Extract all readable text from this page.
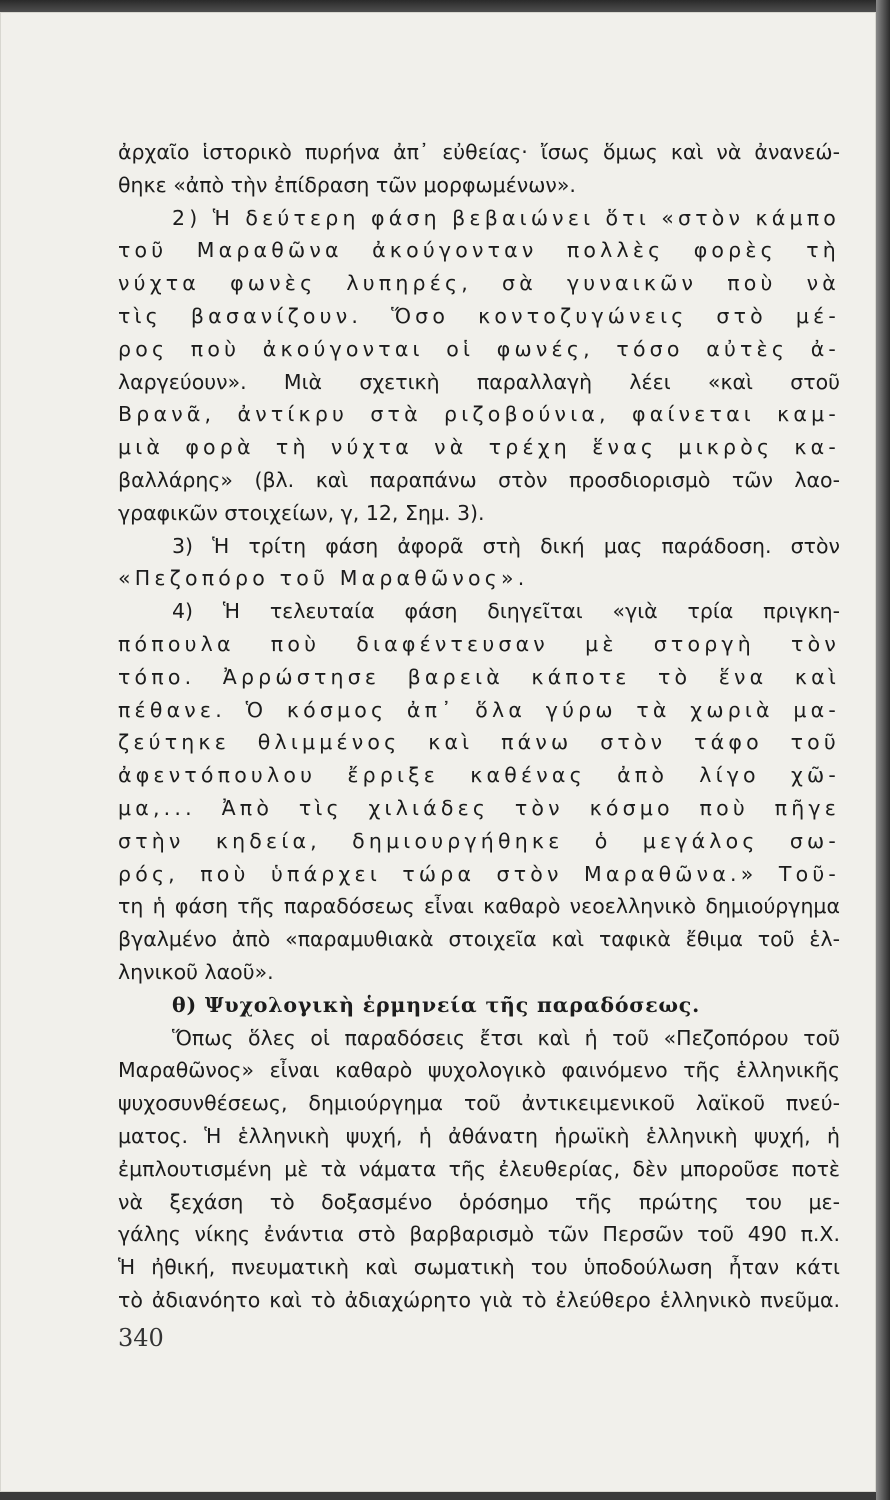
ἀρχαῖο ἱστορικὸ πυρήνα ἀπ᾽ εὐθείας· ἴσως ὅμως καὶ νὰ ἀνανεώ-
θηκε «ἀπὸ τὴν ἐπίδραση τῶν μορφωμένων».
2) Ἡ δεύτερη φάση βεβαιώνει ὅτι «στὸν κάμπο
τοῦ Μαραθῶνα ἀκούγονταν πολλὲς φορὲς τὴ
νύχτα φωνὲς λυπηρές, σὰ γυναικῶν ποὺ νὰ
τὶς βασανίζουν. Ὅσο κοντοζυγώνεις στὸ μέ-
ρος ποὺ ἀκούγονται οἱ φωνές, τόσο αὐτὲς ἀ-
λαργεύουν». Μιὰ σχετικὴ παραλλαγὴ λέει «καὶ στοῦ
Βρανᾶ, ἀντίκρυ στὰ ριζοβούνια, φαίνεται καμ-
μιὰ φορὰ τὴ νύχτα νὰ τρέχη ἕνας μικρὸς κα-
βαλλάρης» (βλ. καὶ παραπάνω στὸν προσδιορισμὸ τῶν λαο-
γραφικῶν στοιχείων, γ, 12, Σημ. 3).
3) Ἡ τρίτη φάση ἀφορᾶ στὴ δική μας παράδοση. στὸν
«Πεζοπόρο τοῦ Μαραθῶνος».
4) Ἡ τελευταία φάση διηγεῖται «γιὰ τρία πριγκη-
πόπουλα ποὺ διαφέντευσαν μὲ στοργὴ τὸν
τόπο. Ἀρρώστησε βαρειὰ κάποτε τὸ ἕνα καὶ
πέθανε. Ὁ κόσμος ἀπ᾽ ὅλα γύρω τὰ χωριὰ μα-
ζεύτηκε θλιμμένος καὶ πάνω στὸν τάφο τοῦ
ἀφεντόπουλου ἔρριξε καθένας ἀπὸ λίγο χῶ-
μα,... Ἀπὸ τὶς χιλιάδες τὸν κόσμο ποὺ πῆγε
στὴν κηδεία, δημιουργήθηκε ὁ μεγάλος σω-
ρός, ποὺ ὑπάρχει τώρα στὸν Μαραθῶνα.» Τοῦ-
τη ἡ φάση τῆς παραδόσεως εἶναι καθαρὸ νεοελληνικὸ δημιούργημα
βγαλμένο ἀπὸ «παραμυθιακὰ στοιχεῖα καὶ ταφικὰ ἔθιμα τοῦ ἑλ-
ληνικοῦ λαοῦ».
θ) Ψυχολογικὴ ἑρμηνεία τῆς παραδόσεως.
Ὅπως ὅλες οἱ παραδόσεις ἔτσι καὶ ἡ τοῦ «Πεζοπόρου τοῦ
Μαραθῶνος» εἶναι καθαρὸ ψυχολογικὸ φαινόμενο τῆς ἑλληνικῆς
ψυχοσυνθέσεως, δημιούργημα τοῦ ἀντικειμενικοῦ λαϊκοῦ πνεύ-
ματος. Ἡ ἑλληνικὴ ψυχή, ἡ ἀθάνατη ἡρωϊκὴ ἑλληνικὴ ψυχή, ἡ
ἐμπλουτισμένη μὲ τὰ νάματα τῆς ἐλευθερίας, δὲν μποροῦσε ποτὲ
νὰ ξεχάση τὸ δοξασμένο ὁρόσημο τῆς πρώτης του με-
γάλης νίκης ἐνάντια στὸ βαρβαρισμὸ τῶν Περσῶν τοῦ 490 π.Χ.
Ἡ ἠθική, πνευματικὴ καὶ σωματικὴ του ὑποδούλωση ἦταν κάτι
τὸ ἀδιανόητο καὶ τὸ ἀδιαχώρητο γιὰ τὸ ἐλεύθερο ἑλληνικὸ πνεῦμα.
340
